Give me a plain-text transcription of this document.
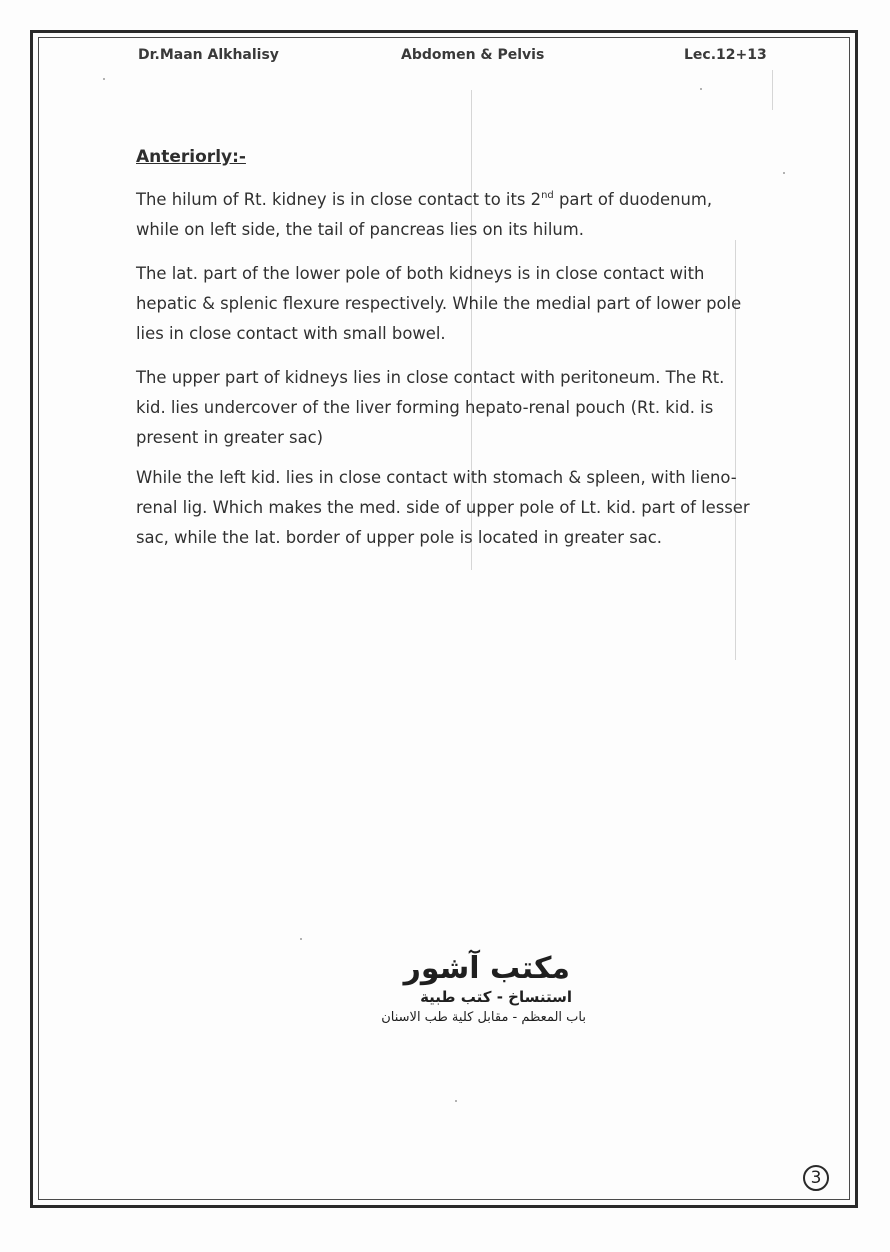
Dr.Maan Alkhalisy	Abdomen & Pelvis	Lec.12+13
Anteriorly:-

The hilum of Rt. kidney is in close contact to its 2nd part of duodenum, while on left side, the tail of pancreas lies on its hilum.

The lat. part of the lower pole of both kidneys is in close contact with hepatic & splenic flexure respectively. While the medial part of lower pole lies in close contact with small bowel.

The upper part of kidneys lies in close contact with peritoneum. The Rt. kid. lies undercover of the liver forming hepato-renal pouch (Rt. kid. is present in greater sac)

While the left kid. lies in close contact with stomach & spleen, with lieno-renal lig. Which makes the med. side of upper pole of Lt. kid. part of lesser sac, while the lat. border of upper pole is located in greater sac.

مكتب آشور
استنساخ - كتب طبية
باب المعظم - مقابل كلية طب الاسنان
3
